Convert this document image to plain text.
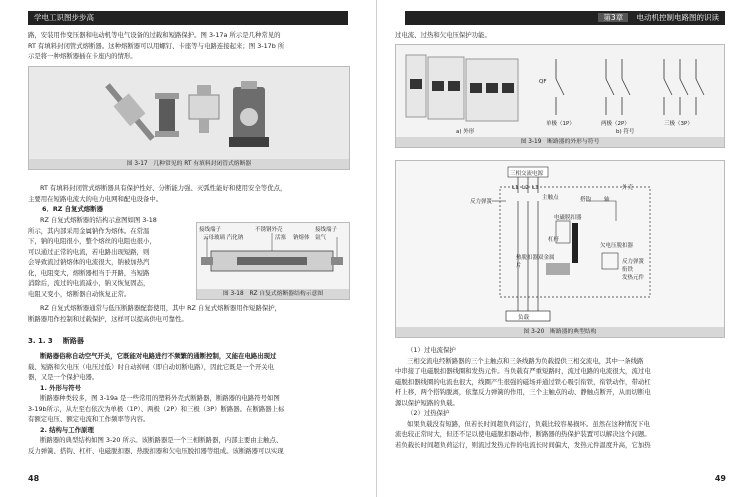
学电工识图步步高
路，安装用作变压器和电动机等电气设备的过载和短路保护。图 3-17a 所示是几种常见的
RT 有填料封闭管式熔断器。这种熔断器可以用螺钉、卡座等与电路连接起来；图 3-17b 所
示是将一种熔断器插在卡座内的情形。
图 3-17　几种常见的 RT 有填料封闭管式熔断器
RT 有填料封闭管式熔断器具有保护性好、分断能力强、灭弧性能好和使用安全等优点，
主要用在短路电流大的电力电网和配电设备中。
6．RZ 自复式熔断器
RZ 自复式熔断器的结构示意图如图 3-18
所示，其内部采用金属钠作为熔体。在常温
下，钠的电阻很小，整个熔丝的电阻也很小，
可以通过正常的电流，若电路出现短路，则
会导致流过钠熔体的电流很大，钠被加热汽
化，电阻变大，熔断器相当于开路，当短路
消除后，流过的电流减小，钠又恢复固态，
电阻又变小，熔断器自动恢复正常。
接线端子	不锈钢外壳	接线端子
云母玻璃 汽化钠	活塞 钠熔体 氩气
图 3-18　RZ 自复式熔断器结构示意图
RZ 自复式熔断器通常与低压断路器配套使用，其中 RZ 自复式熔断器用作短路保护，
断路器用作控制和过载保护，这样可以提高供电可靠性。
3. 1. 3 断路器
断路器俗称自动空气开关，它既能对电路进行不频繁的通断控制，又能在电路出现过
载、短路和欠电压（电压过低）时自动掉闸（即自动切断电路），因此它既是一个开关电
器，又是一个保护电器。
1. 外形与符号
断路器种类较多，图 3-19a 是一些常用的塑料外壳式断路器，断路器的电路符号如图
3-19b所示，从左至右依次为单极（1P）、两极（2P）和三极（3P）断路器。在断路器上标
有额定电压、额定电流和工作频率等内容。
2. 结构与工作原理
断路器的典型结构如图 3-20 所示。该断路器是一个三相断路器，内部主要由主触点、
反力弹簧、搭钩、杠杆、电磁脱扣器、热脱扣器和欠电压脱扣器等组成。该断路器可以实现
48
第3章 电动机控制电路图的识读
过电流、过热和欠电压保护功能。
QF
单极（1P）	两极（2P）	三极（3P）
a) 外形	b) 符号
图 3-19　断路器的外形与符号
三相交流电源
L1 L2 L3
主触点
反力弹簧	搭钩 轴
外壳
电磁脱扣器
杠杆
热脱扣器双金属片
欠电压脱扣器
反力弹簧
衔铁
发热元件
负载
图 3-20　断路器的典型结构
（1）过电流保护
三相交流电经断路器的三个主触点和三条线路为负载提供三相交流电，其中一条线路
中串接了电磁脱扣器线圈和发热元件。当负载有严重短路时，流过电路的电流很大，流过电
磁脱扣器线圈的电流也很大，线圈产生很强的磁场并通过铁心吸引衔铁，衔铁动作，带动杠
杆上移，两个搭钩脱离，依靠反力弹簧的作用，三个主触点的动、静触点断开，从而切断电
源以保护短路的负载。
（2）过热保护
如果负载没有短路，但若长时间超负荷运行，负载比较容易损坏。虽然在这种情况下电
流也较正常时大，但还不足以使电磁脱扣器动作，断路器的热保护装置可以解决这个问题。
若负载长时间超负荷运行，则流过发热元件的电流长时间偏大，发热元件温度升高，它加热
49
